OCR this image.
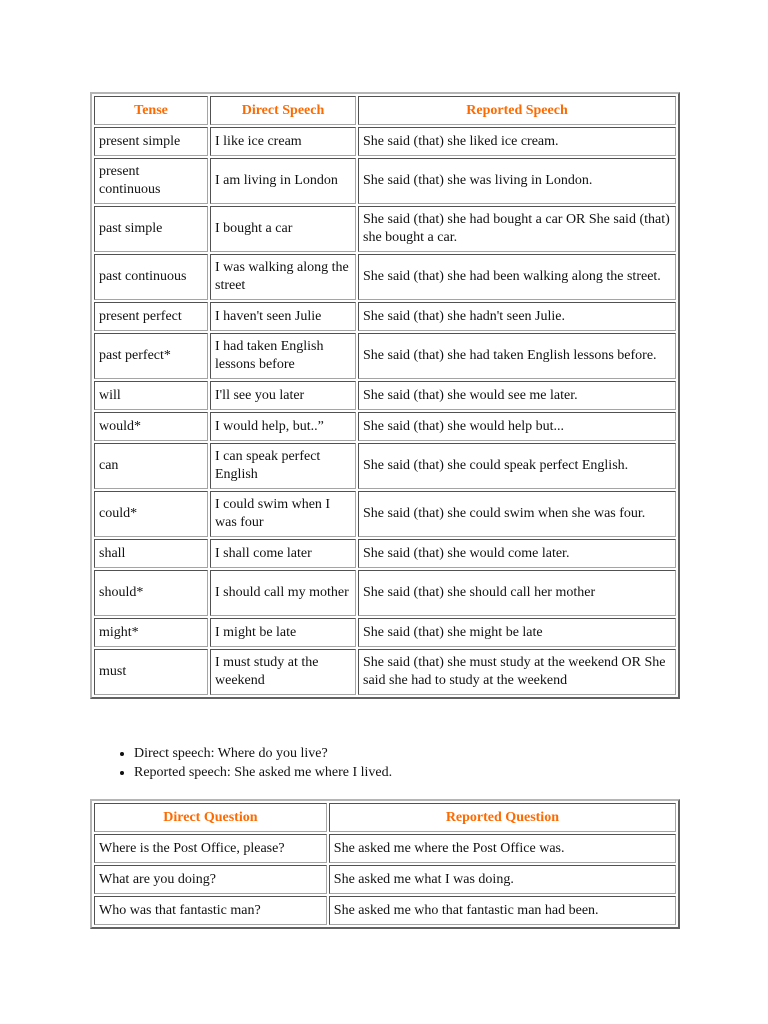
Tense	Direct Speech	Reported Speech
present simple	I like ice cream	She said (that) she liked ice cream.
present continuous	I am living in London	She said (that) she was living in London.
past simple	I bought a car	She said (that) she had bought a car OR She said (that) she bought a car.
past continuous	I was walking along the street	She said (that) she had been walking along the street.
present perfect	I haven't seen Julie	She said (that) she hadn't seen Julie.
past perfect*	I had taken English lessons before	She said (that) she had taken English lessons before.
will	I'll see you later	She said (that) she would see me later.
would*	I would help, but..”	She said (that) she would help but...
can	I can speak perfect English	She said (that) she could speak perfect English.
could*	I could swim when I was four	She said (that) she could swim when she was four.
shall	I shall come later	She said (that) she would come later.
should*	I should call my mother	She said (that) she should call her mother
might*	I might be late	She said (that) she might be late
must	I must study at the weekend	She said (that) she must study at the weekend OR She said she had to study at the weekend
• Direct speech: Where do you live?
• Reported speech: She asked me where I lived.
Direct Question	Reported Question
Where is the Post Office, please?	She asked me where the Post Office was.
What are you doing?	She asked me what I was doing.
Who was that fantastic man?	She asked me who that fantastic man had been.
